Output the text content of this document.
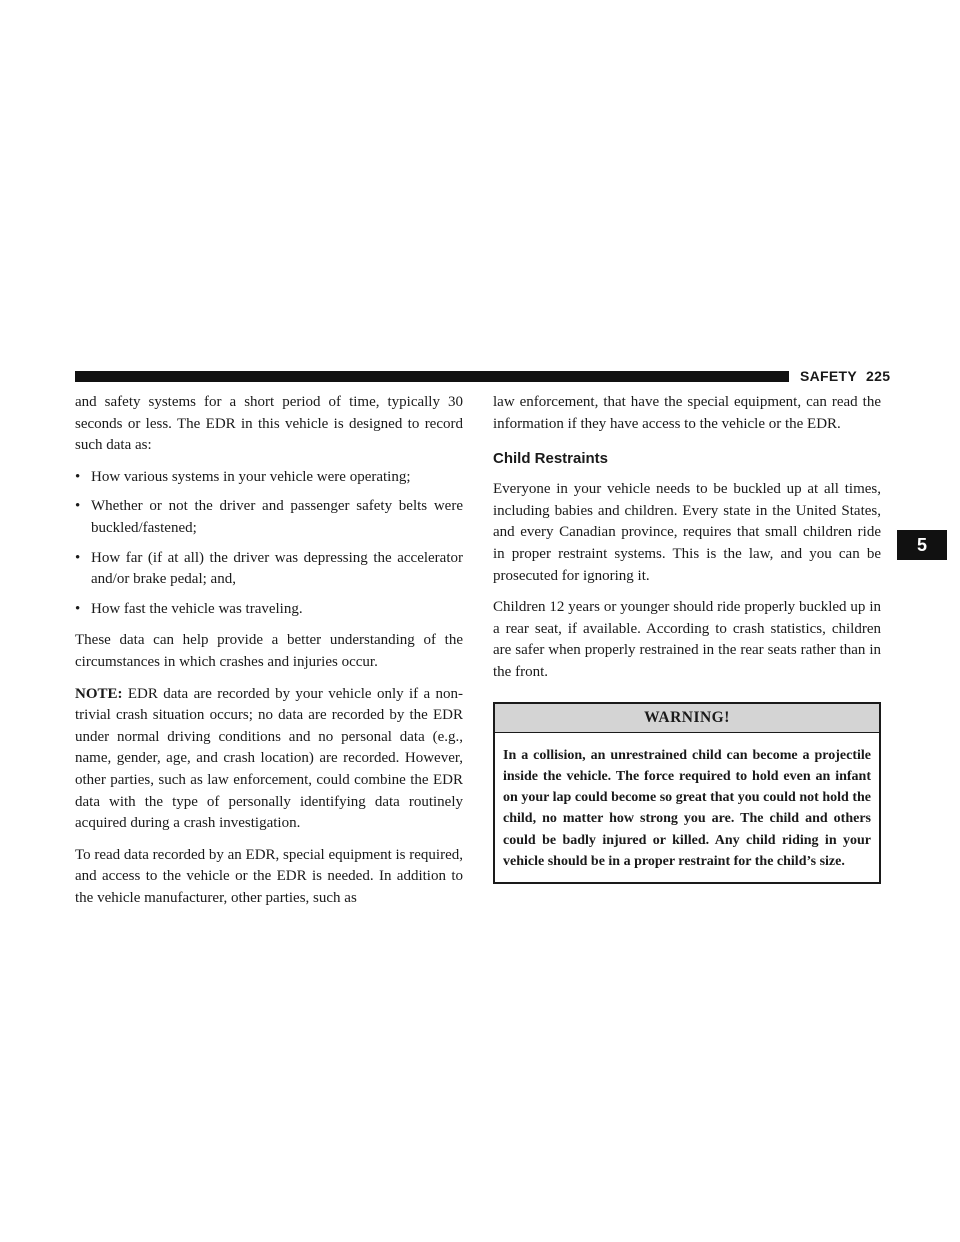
SAFETY 225
5

and safety systems for a short period of time, typically 30 seconds or less. The EDR in this vehicle is designed to record such data as:

• How various systems in your vehicle were operating;
• Whether or not the driver and passenger safety belts were buckled/fastened;
• How far (if at all) the driver was depressing the accelerator and/or brake pedal; and,
• How fast the vehicle was traveling.

These data can help provide a better understanding of the circumstances in which crashes and injuries occur.

NOTE: EDR data are recorded by your vehicle only if a non-trivial crash situation occurs; no data are recorded by the EDR under normal driving conditions and no personal data (e.g., name, gender, age, and crash location) are recorded. However, other parties, such as law enforcement, could combine the EDR data with the type of personally identifying data routinely acquired during a crash investigation.

To read data recorded by an EDR, special equipment is required, and access to the vehicle or the EDR is needed. In addition to the vehicle manufacturer, other parties, such as

law enforcement, that have the special equipment, can read the information if they have access to the vehicle or the EDR.

Child Restraints

Everyone in your vehicle needs to be buckled up at all times, including babies and children. Every state in the United States, and every Canadian province, requires that small children ride in proper restraint systems. This is the law, and you can be prosecuted for ignoring it.

Children 12 years or younger should ride properly buckled up in a rear seat, if available. According to crash statistics, children are safer when properly restrained in the rear seats rather than in the front.

WARNING!
In a collision, an unrestrained child can become a projectile inside the vehicle. The force required to hold even an infant on your lap could become so great that you could not hold the child, no matter how strong you are. The child and others could be badly injured or killed. Any child riding in your vehicle should be in a proper restraint for the child’s size.
